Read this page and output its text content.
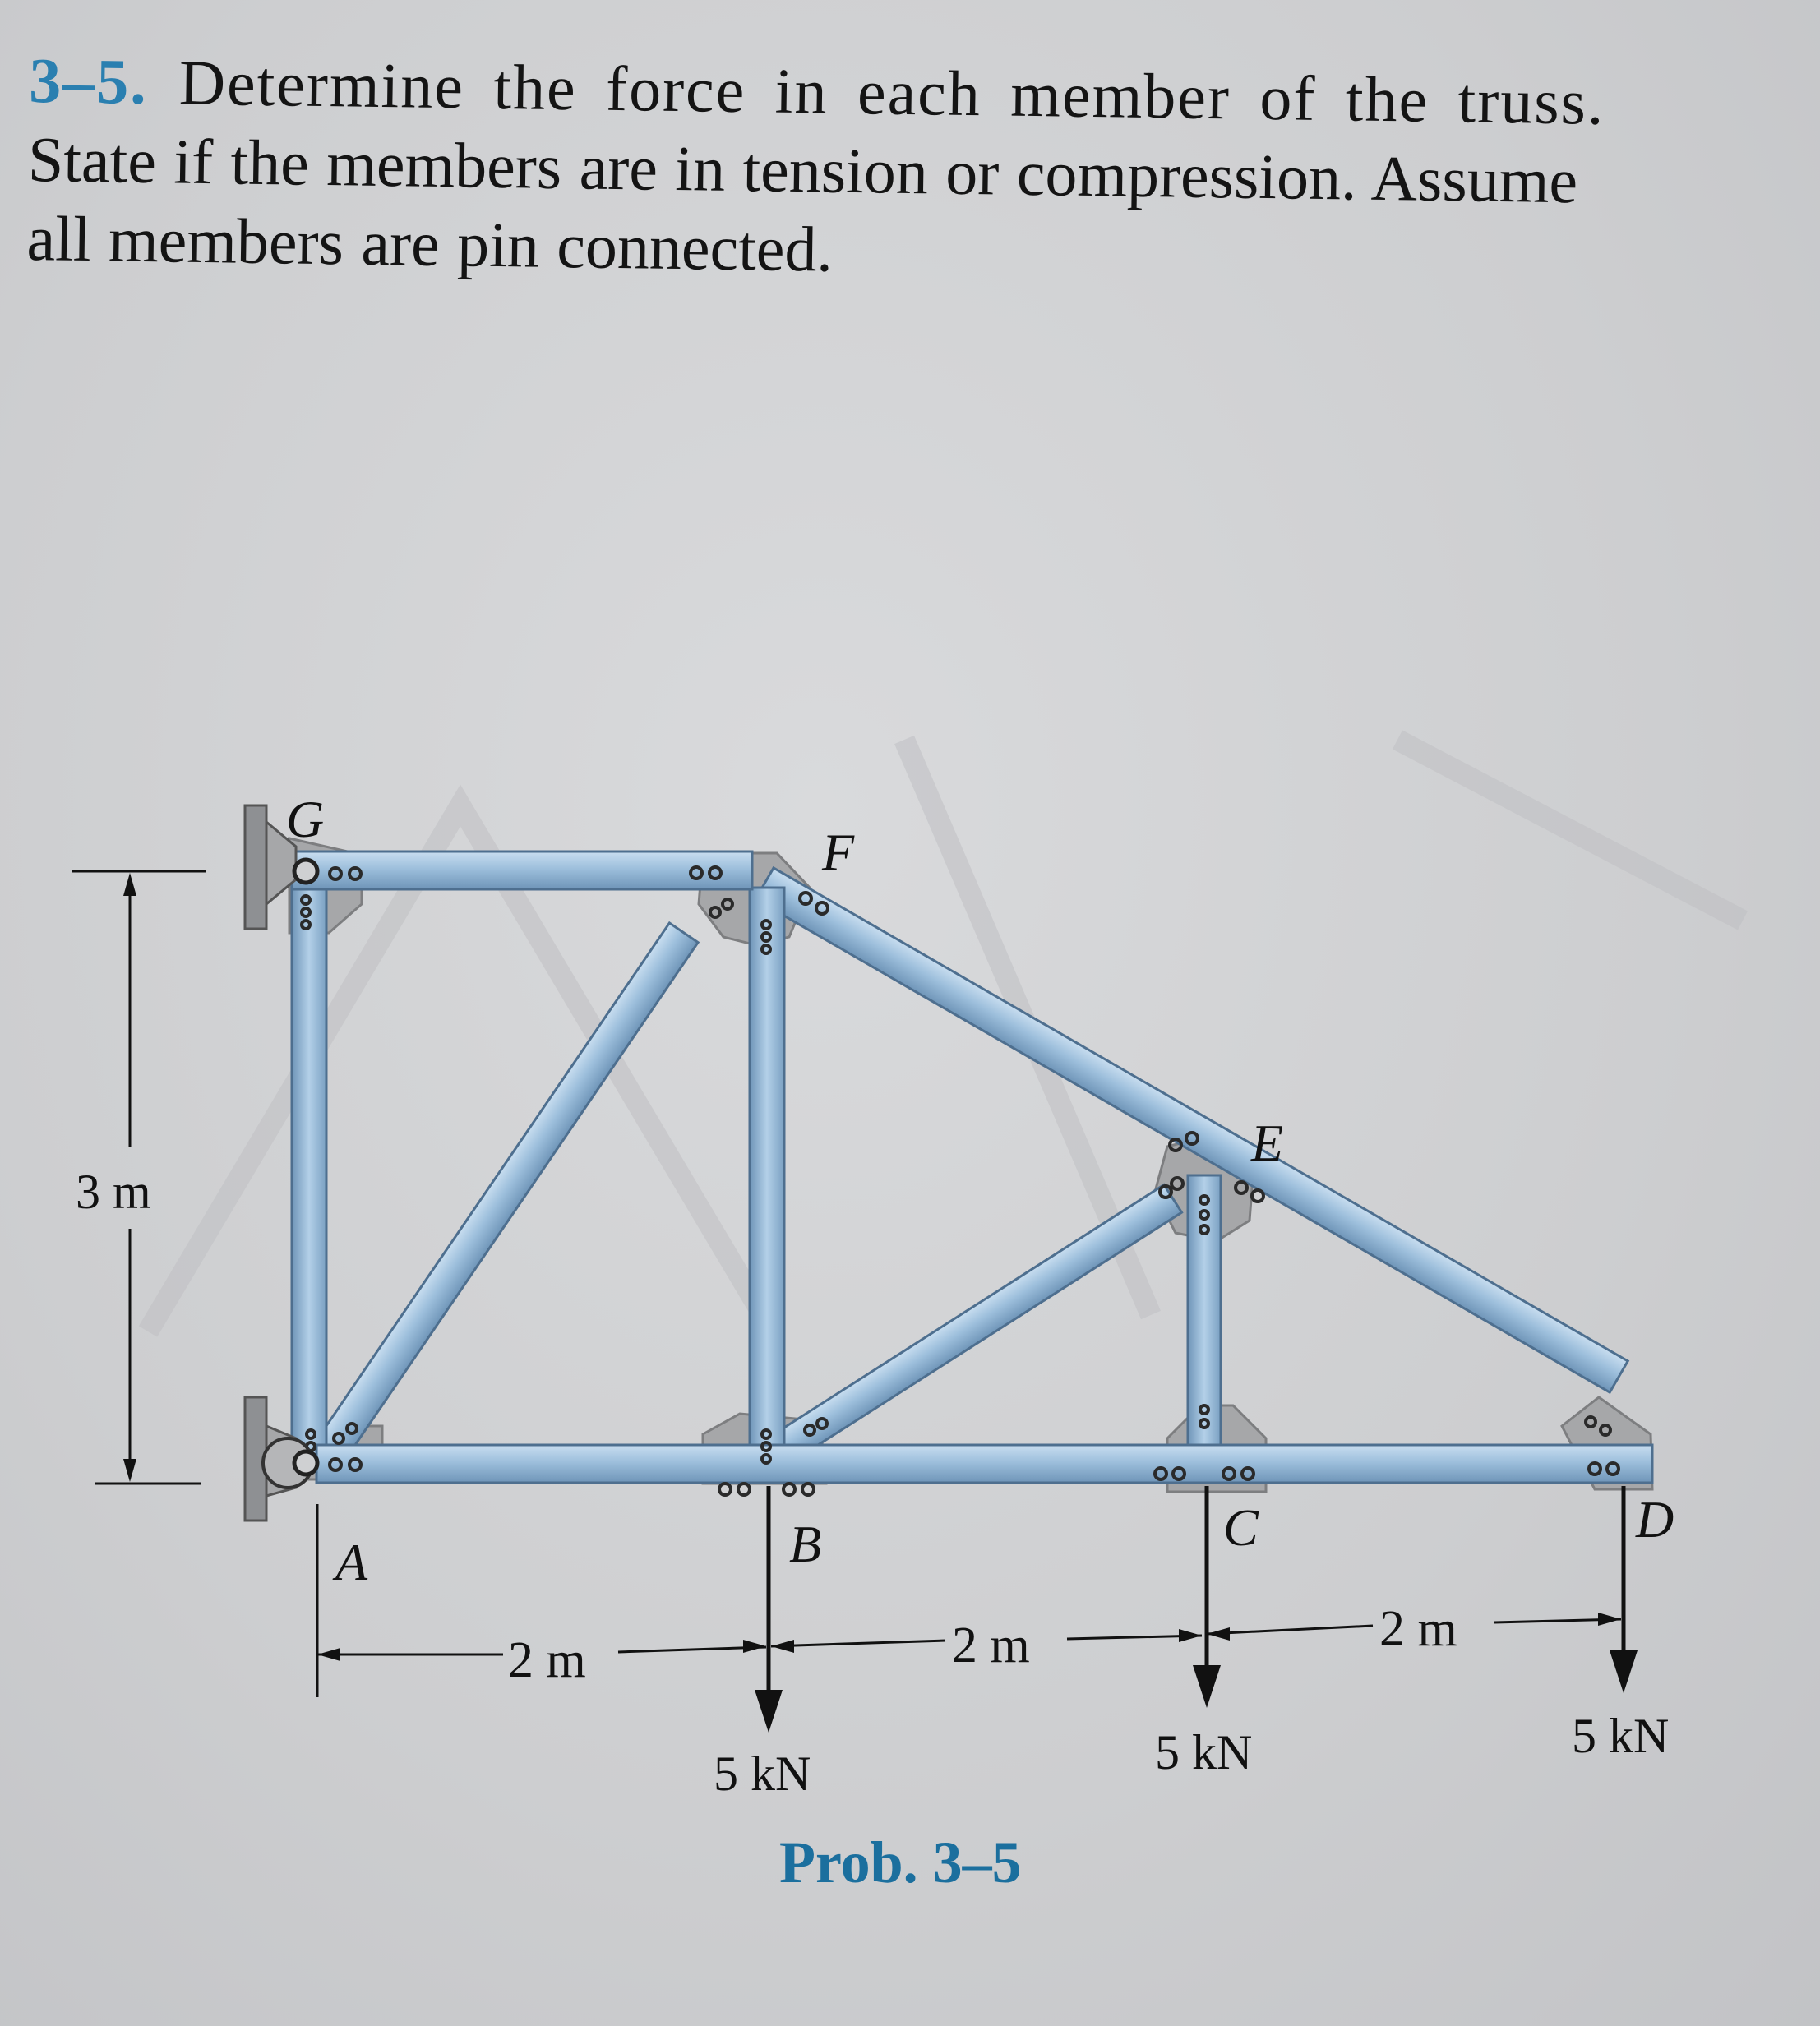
3–5. Determine the force in each member of the truss.
State if the members are in tension or compression. Assume
all members are pin connected.
3 m
2 m	2 m	2 m
5 kN	5 kN	5 kN
G
F
E
A	B	C	D
Prob. 3–5
